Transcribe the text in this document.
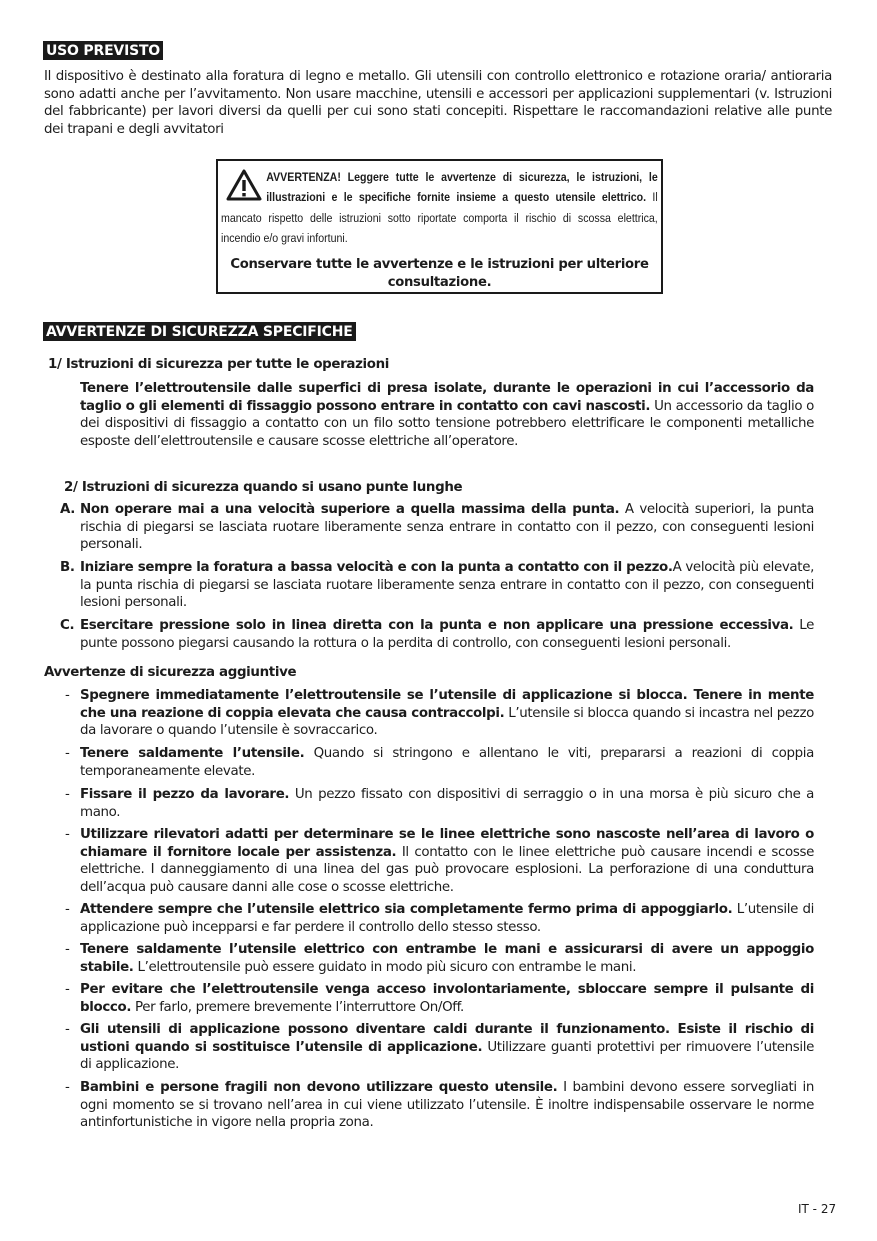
USO PREVISTO

Il dispositivo è destinato alla foratura di legno e metallo. Gli utensili con controllo elettronico e rotazione oraria/ antioraria sono adatti anche per l’avvitamento. Non usare macchine, utensili e accessori per applicazioni supplementari (v. Istruzioni del fabbricante) per lavori diversi da quelli per cui sono stati concepiti. Rispettare le raccomandazioni relative alle punte dei trapani e degli avvitatori

AVVERTENZA! Leggere tutte le avvertenze di sicurezza, le istruzioni, le illustrazioni e le specifiche fornite insieme a questo utensile elettrico. Il mancato rispetto delle istruzioni sotto riportate comporta il rischio di scossa elettrica, incendio e/o gravi infortuni.
Conservare tutte le avvertenze e le istruzioni per ulteriore consultazione.
AVVERTENZE DI SICUREZZA SPECIFICHE
1/ Istruzioni di sicurezza per tutte le operazioni

Tenere l’elettroutensile dalle superfici di presa isolate, durante le operazioni in cui l’accessorio da taglio o gli elementi di fissaggio possono entrare in contatto con cavi nascosti. Un accessorio da taglio o dei dispositivi di fissaggio a contatto con un filo sotto tensione potrebbero elettrificare le componenti metalliche esposte dell’elettroutensile e causare scosse elettriche all’operatore.

2/ Istruzioni di sicurezza quando si usano punte lunghe
A. Non operare mai a una velocità superiore a quella massima della punta. A velocità superiori, la punta rischia di piegarsi se lasciata ruotare liberamente senza entrare in contatto con il pezzo, con conseguenti lesioni personali.
B. Iniziare sempre la foratura a bassa velocità e con la punta a contatto con il pezzo.A velocità più elevate, la punta rischia di piegarsi se lasciata ruotare liberamente senza entrare in contatto con il pezzo, con conseguenti lesioni personali.
C. Esercitare pressione solo in linea diretta con la punta e non applicare una pressione eccessiva. Le punte possono piegarsi causando la rottura o la perdita di controllo, con conseguenti lesioni personali.
Avvertenze di sicurezza aggiuntive
- Spegnere immediatamente l’elettroutensile se l’utensile di applicazione si blocca. Tenere in mente che una reazione di coppia elevata che causa contraccolpi. L’utensile si blocca quando si incastra nel pezzo da lavorare o quando l’utensile è sovraccarico.
- Tenere saldamente l’utensile. Quando si stringono e allentano le viti, prepararsi a reazioni di coppia temporaneamente elevate.
- Fissare il pezzo da lavorare. Un pezzo fissato con dispositivi di serraggio o in una morsa è più sicuro che a mano.
- Utilizzare rilevatori adatti per determinare se le linee elettriche sono nascoste nell’area di lavoro o chiamare il fornitore locale per assistenza. Il contatto con le linee elettriche può causare incendi e scosse elettriche. I danneggiamento di una linea del gas può provocare esplosioni. La perforazione di una conduttura dell’acqua può causare danni alle cose o scosse elettriche.
- Attendere sempre che l’utensile elettrico sia completamente fermo prima di appoggiarlo. L’utensile di applicazione può incepparsi e far perdere il controllo dello stesso stesso.
- Tenere saldamente l’utensile elettrico con entrambe le mani e assicurarsi di avere un appoggio stabile. L’elettroutensile può essere guidato in modo più sicuro con entrambe le mani.
- Per evitare che l’elettroutensile venga acceso involontariamente, sbloccare sempre il pulsante di blocco. Per farlo, premere brevemente l’interruttore On/Off.
- Gli utensili di applicazione possono diventare caldi durante il funzionamento. Esiste il rischio di ustioni quando si sostituisce l’utensile di applicazione. Utilizzare guanti protettivi per rimuovere l’utensile di applicazione.
- Bambini e persone fragili non devono utilizzare questo utensile. I bambini devono essere sorvegliati in ogni momento se si trovano nell’area in cui viene utilizzato l’utensile. È inoltre indispensabile osservare le norme antinfortunistiche in vigore nella propria zona.
IT - 27
